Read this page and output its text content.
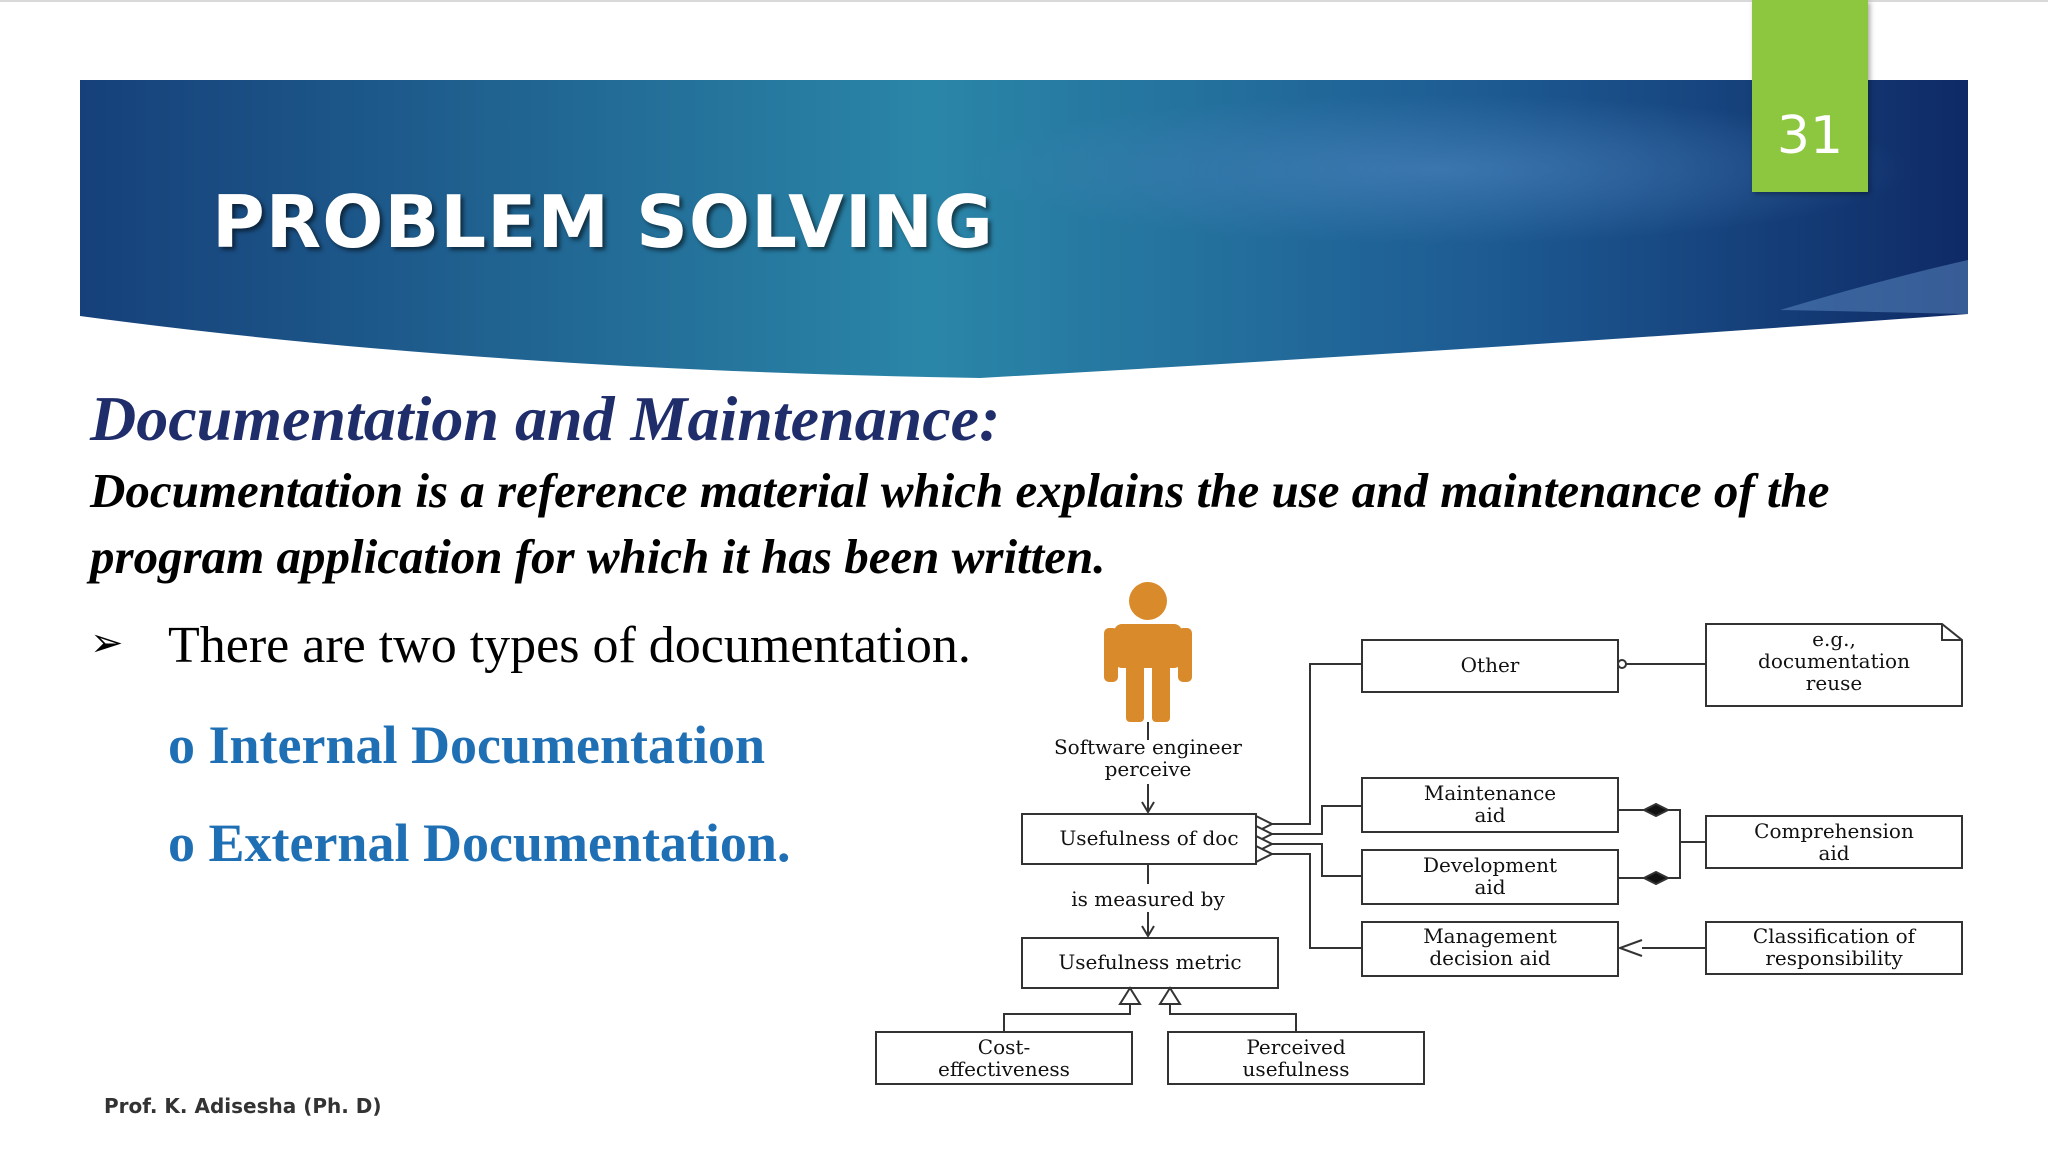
PROBLEM SOLVING
31
Documentation and Maintenance:
Documentation is a reference material which explains the use and maintenance of the program application for which it has been written.
➢ There are two types of documentation.
o Internal Documentation
o External Documentation.
Software engineer
perceive
Usefulness of doc
is measured by
Usefulness metric
Cost-
effectiveness
Perceived
usefulness
Other
Maintenance
aid
Development
aid
Management
decision aid
e.g.,
documentation
reuse
Comprehension
aid
Classification of
responsibility
Prof. K. Adisesha (Ph. D)
